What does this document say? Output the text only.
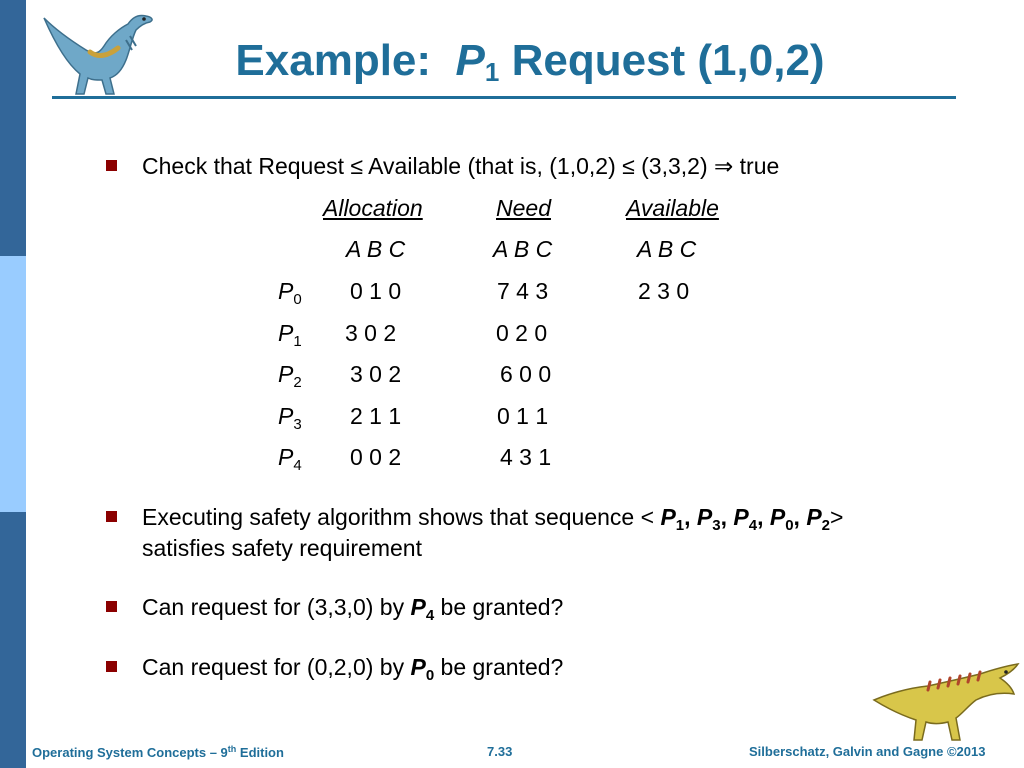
Example: $P_1$ Request (1,0,2)
Check that Request ≤ Available (that is, (1,0,2) ≤ (3,3,2) ⇒ true
Allocation	Need	Available
A B C	A B C	A B C
$P_0$ 0 1 0	7 4 3	2 3 0
$P_1$ 3 0 2	0 2 0
$P_2$ 3 0 2	6 0 0
$P_3$ 2 1 1	0 1 1
$P_4$ 0 0 2	4 3 1
Executing safety algorithm shows that sequence < $P_1$, $P_3$, $P_4$, $P_0$, $P_2>$
satisfies safety requirement
Can request for (3,3,0) by $P_4$ be granted?
Can request for (0,2,0) by $P_0$ be granted?
Operating System Concepts – 9th Edition	7.33	Silberschatz, Galvin and Gagne ©2013
